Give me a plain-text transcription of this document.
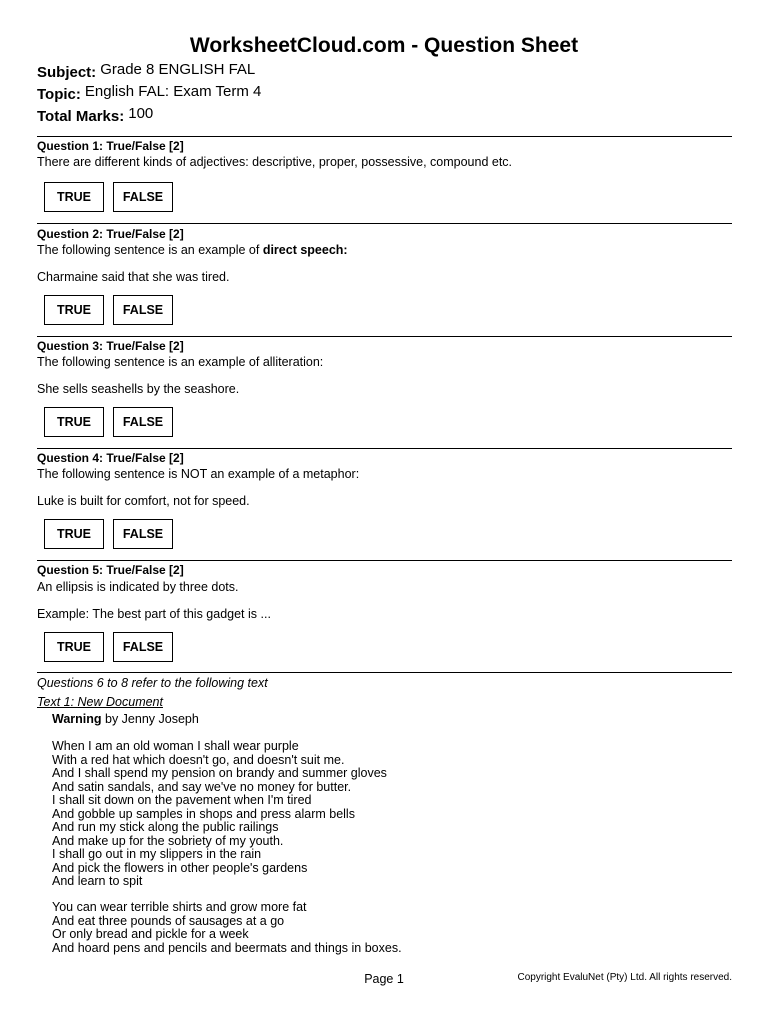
WorksheetCloud.com - Question Sheet
Subject: Grade 8 ENGLISH FAL
Topic: English FAL: Exam Term 4
Total Marks: 100
Question 1: True/False [2]
There are different kinds of adjectives: descriptive, proper, possessive, compound etc.
TRUE	FALSE
Question 2: True/False [2]
The following sentence is an example of direct speech:
Charmaine said that she was tired.
TRUE	FALSE
Question 3: True/False [2]
The following sentence is an example of alliteration:
She sells seashells by the seashore.
TRUE	FALSE
Question 4: True/False [2]
The following sentence is NOT an example of a metaphor:
Luke is built for comfort, not for speed.
TRUE	FALSE
Question 5: True/False [2]
An ellipsis is indicated by three dots.
Example: The best part of this gadget is ...
TRUE	FALSE
Questions 6 to 8 refer to the following text
Text 1: New Document
Warning by Jenny Joseph
When I am an old woman I shall wear purple
With a red hat which doesn't go, and doesn't suit me.
And I shall spend my pension on brandy and summer gloves
And satin sandals, and say we've no money for butter.
I shall sit down on the pavement when I'm tired
And gobble up samples in shops and press alarm bells
And run my stick along the public railings
And make up for the sobriety of my youth.
I shall go out in my slippers in the rain
And pick the flowers in other people's gardens
And learn to spit
You can wear terrible shirts and grow more fat
And eat three pounds of sausages at a go
Or only bread and pickle for a week
And hoard pens and pencils and beermats and things in boxes.
Page 1	Copyright EvaluNet (Pty) Ltd. All rights reserved.
